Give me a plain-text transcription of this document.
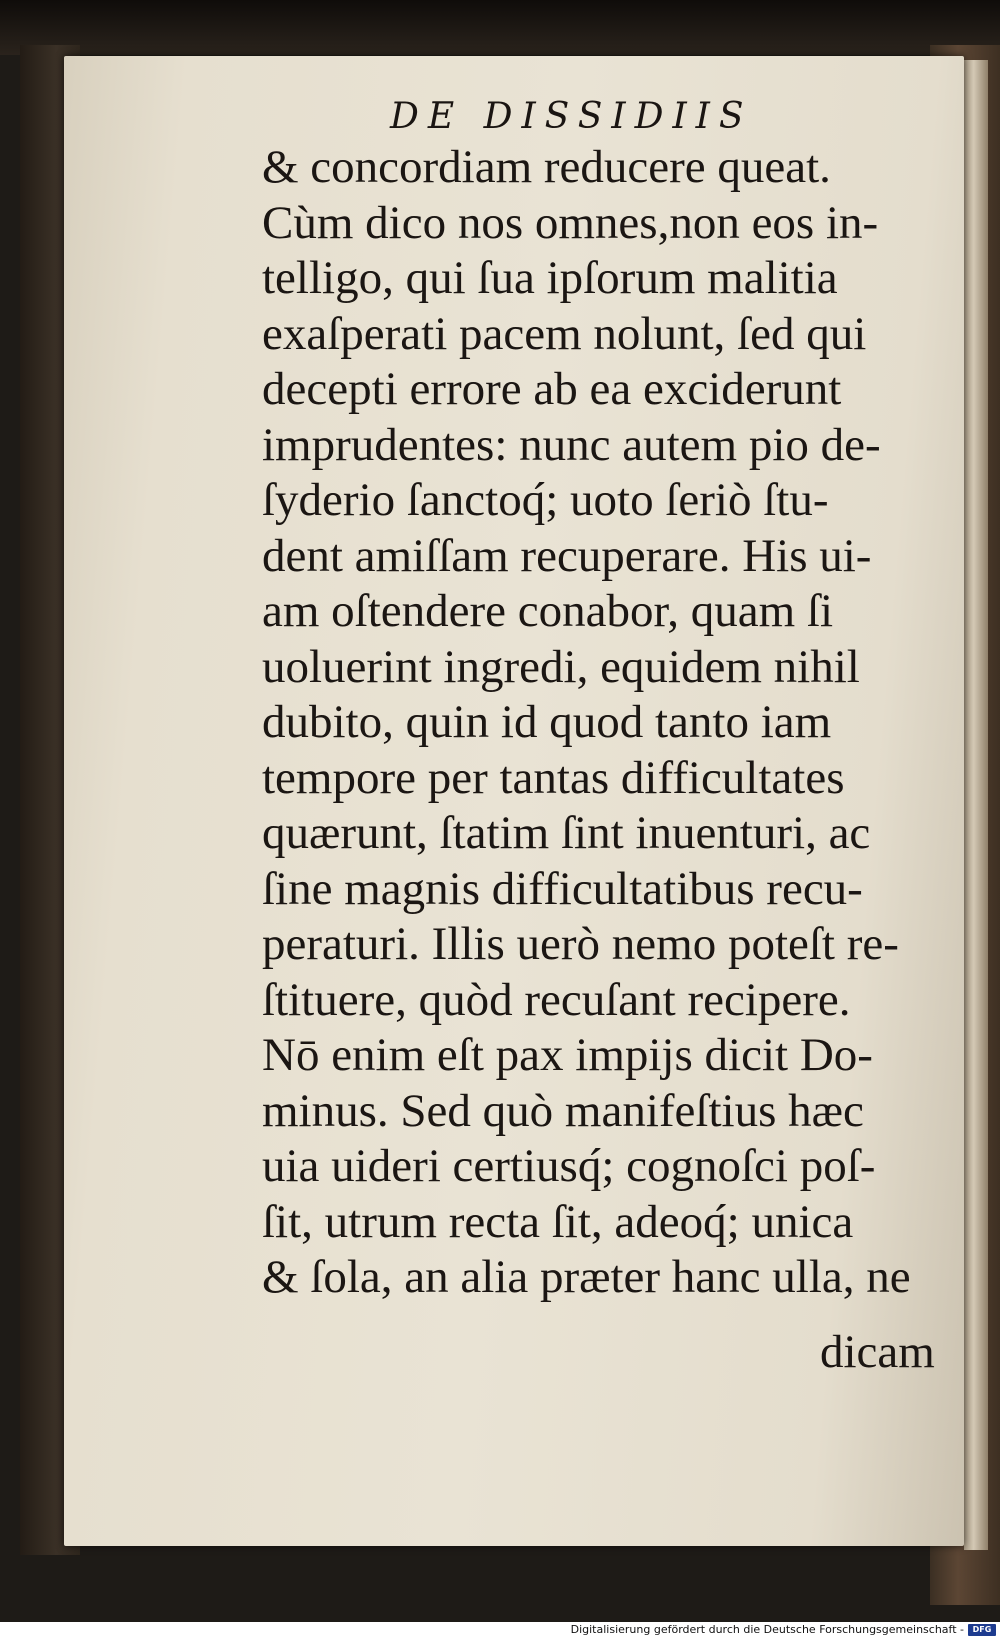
DE DISSIDIIS
& concordiam reducere queat.
Cùm dico nos omnes,non eos in-
telligo, qui ſua ipſorum malitia
exaſperati pacem nolunt, ſed qui
decepti errore ab ea exciderunt
imprudentes: nunc autem pio de-
ſyderio ſanctoq́; uoto ſeriò ſtu-
dent amiſſam recuperare. His ui-
am oſtendere conabor, quam ſi
uoluerint ingredi, equidem nihil
dubito, quin id quod tanto iam
tempore per tantas difficultates
quærunt, ſtatim ſint inuenturi, ac
ſine magnis difficultatibus recu-
peraturi. Illis uerò nemo poteſt re-
ſtituere, quòd recuſant recipere.
Nō enim eſt pax impijs dicit Do-
minus. Sed quò manifeſtius hæc
uia uideri certiusq́; cognoſci poſ-
ſit, utrum recta ſit, adeoq́; unica
& ſola, an alia præter hanc ulla, ne
dicam
Digitalisierung gefördert durch die Deutsche Forschungsgemeinschaft -	DFG
